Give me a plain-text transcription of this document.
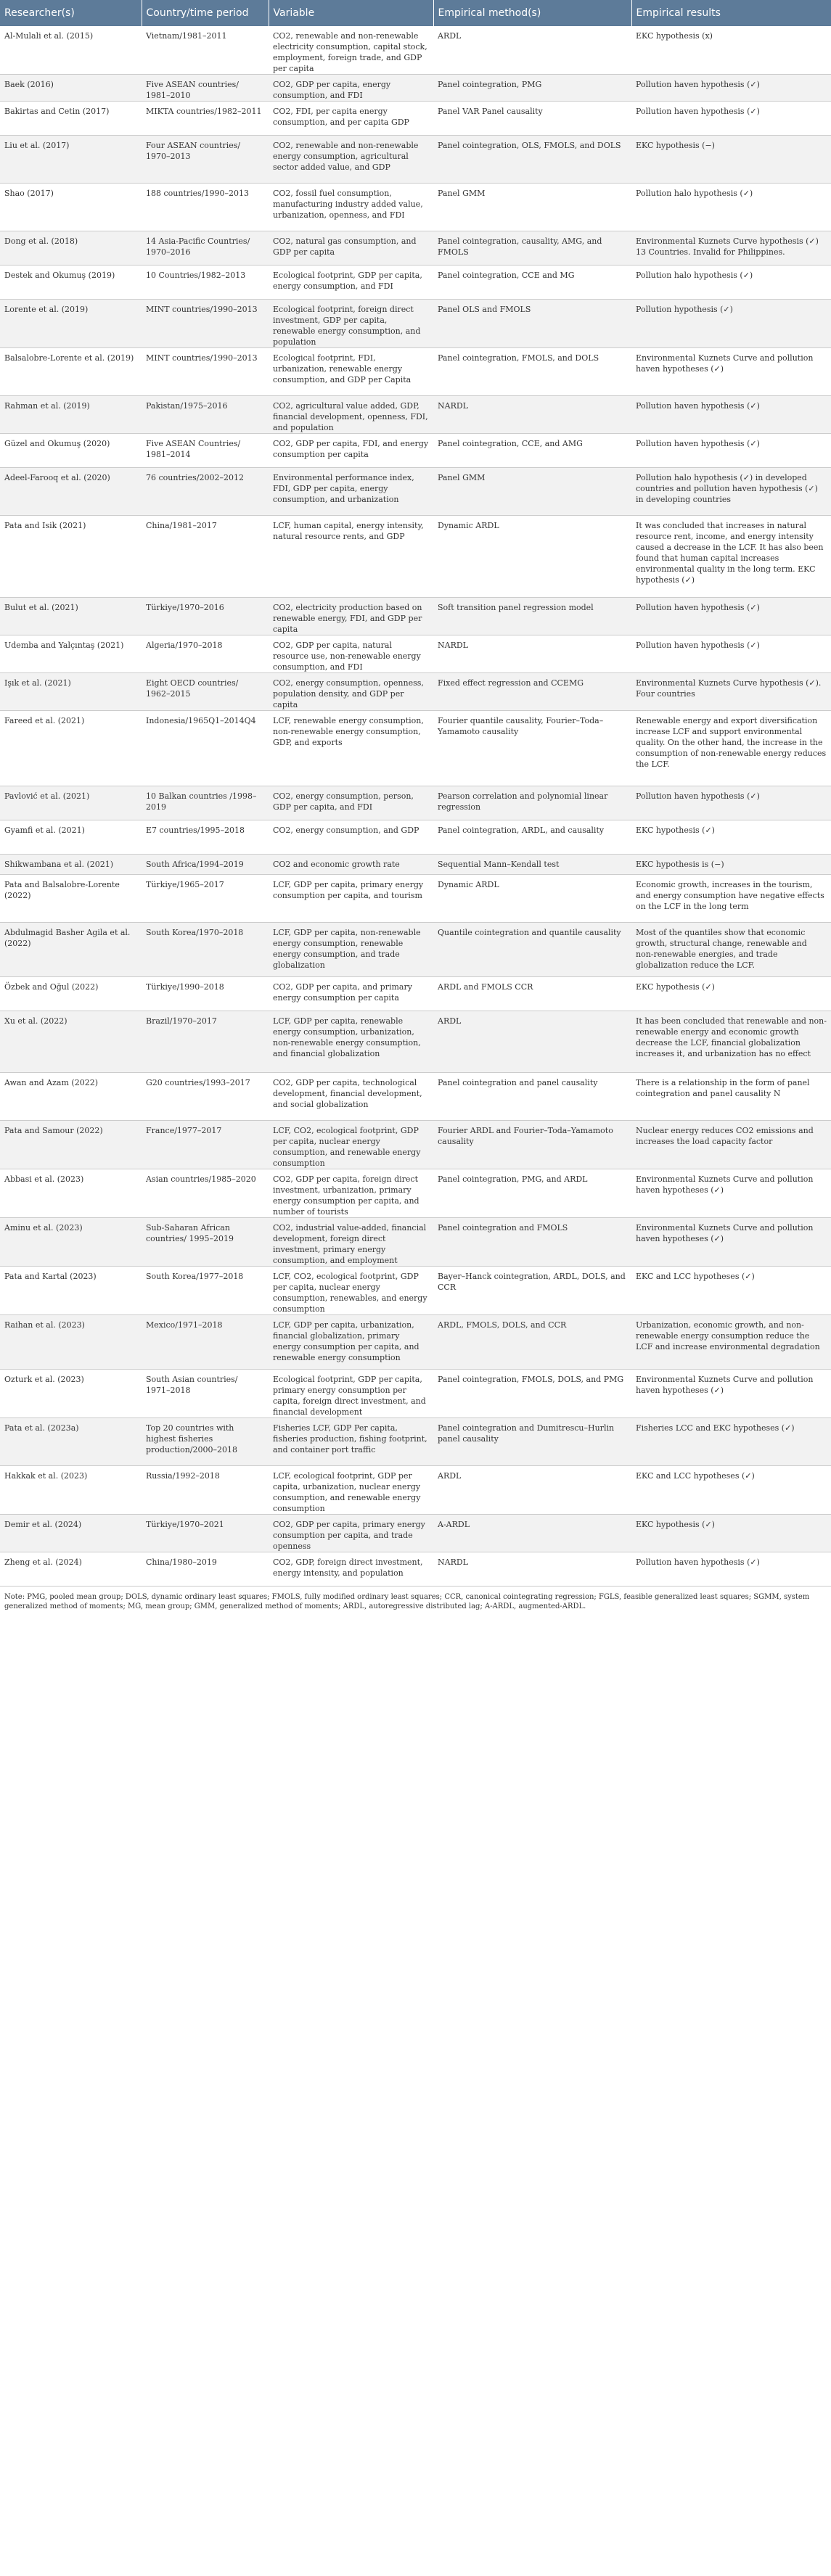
Researcher(s)	Country/time period	Variable	Empirical method(s)	Empirical results
Al-Mulali et al. (2015)	Vietnam/1981–2011	CO2, renewable and non-renewable electricity consumption, capital stock, employment, foreign trade, and GDP per capita	ARDL	EKC hypothesis (x)
Baek (2016)	Five ASEAN countries/ 1981–2010	CO2, GDP per capita, energy consumption, and FDI	Panel cointegration, PMG	Pollution haven hypothesis (✓)
Bakirtas and Cetin (2017)	MIKTA countries/1982–2011	CO2, FDI, per capita energy consumption, and per capita GDP	Panel VAR Panel causality	Pollution haven hypothesis (✓)
Liu et al. (2017)	Four ASEAN countries/ 1970–2013	CO2, renewable and non-renewable energy consumption, agricultural sector added value, and GDP	Panel cointegration, OLS, FMOLS, and DOLS	EKC hypothesis (−)
Shao (2017)	188 countries/1990–2013	CO2, fossil fuel consumption, manufacturing industry added value, urbanization, openness, and FDI	Panel GMM	Pollution halo hypothesis (✓)
Dong et al. (2018)	14 Asia-Pacific Countries/ 1970–2016	CO2, natural gas consumption, and GDP per capita	Panel cointegration, causality, AMG, and FMOLS	Environmental Kuznets Curve hypothesis (✓) 13 Countries. Invalid for Philippines.
Destek and Okumuş (2019)	10 Countries/1982–2013	Ecological footprint, GDP per capita, energy consumption, and FDI	Panel cointegration, CCE and MG	Pollution halo hypothesis (✓)
Lorente et al. (2019)	MINT countries/1990–2013	Ecological footprint, foreign direct investment, GDP per capita, renewable energy consumption, and population	Panel OLS and FMOLS	Pollution hypothesis (✓)
Balsalobre-Lorente et al. (2019)	MINT countries/1990–2013	Ecological footprint, FDI, urbanization, renewable energy consumption, and GDP per Capita	Panel cointegration, FMOLS, and DOLS	Environmental Kuznets Curve and pollution haven hypotheses (✓)
Rahman et al. (2019)	Pakistan/1975–2016	CO2, agricultural value added, GDP, financial development, openness, FDI, and population	NARDL	Pollution haven hypothesis (✓)
Güzel and Okumuş (2020)	Five ASEAN Countries/ 1981–2014	CO2, GDP per capita, FDI, and energy consumption per capita	Panel cointegration, CCE, and AMG	Pollution haven hypothesis (✓)
Adeel-Farooq et al. (2020)	76 countries/2002–2012	Environmental performance index, FDI, GDP per capita, energy consumption, and urbanization	Panel GMM	Pollution halo hypothesis (✓) in developed countries and pollution haven hypothesis (✓) in developing countries
Pata and Isik (2021)	China/1981–2017	LCF, human capital, energy intensity, natural resource rents, and GDP	Dynamic ARDL	It was concluded that increases in natural resource rent, income, and energy intensity caused a decrease in the LCF. It has also been found that human capital increases environmental quality in the long term. EKC hypothesis (✓)
Bulut et al. (2021)	Türkiye/1970–2016	CO2, electricity production based on renewable energy, FDI, and GDP per capita	Soft transition panel regression model	Pollution haven hypothesis (✓)
Udemba and Yalçıntaş (2021)	Algeria/1970–2018	CO2, GDP per capita, natural resource use, non-renewable energy consumption, and FDI	NARDL	Pollution haven hypothesis (✓)
Işık et al. (2021)	Eight OECD countries/ 1962–2015	CO2, energy consumption, openness, population density, and GDP per capita	Fixed effect regression and CCEMG	Environmental Kuznets Curve hypothesis (✓). Four countries
Fareed et al. (2021)	Indonesia/1965Q1–2014Q4	LCF, renewable energy consumption, non-renewable energy consumption, GDP, and exports	Fourier quantile causality, Fourier–Toda–Yamamoto causality	Renewable energy and export diversification increase LCF and support environmental quality. On the other hand, the increase in the consumption of non-renewable energy reduces the LCF.
Pavlović et al. (2021)	10 Balkan countries /1998–2019	CO2, energy consumption, person, GDP per capita, and FDI	Pearson correlation and polynomial linear regression	Pollution haven hypothesis (✓)
Gyamfi et al. (2021)	E7 countries/1995–2018	CO2, energy consumption, and GDP	Panel cointegration, ARDL, and causality	EKC hypothesis (✓)
Shikwambana et al. (2021)	South Africa/1994–2019	CO2 and economic growth rate	Sequential Mann–Kendall test	EKC hypothesis is (−)
Pata and Balsalobre-Lorente (2022)	Türkiye/1965–2017	LCF, GDP per capita, primary energy consumption per capita, and tourism	Dynamic ARDL	Economic growth, increases in the tourism, and energy consumption have negative effects on the LCF in the long term
Abdulmagid Basher Agila et al. (2022)	South Korea/1970–2018	LCF, GDP per capita, non-renewable energy consumption, renewable energy consumption, and trade globalization	Quantile cointegration and quantile causality	Most of the quantiles show that economic growth, structural change, renewable and non-renewable energies, and trade globalization reduce the LCF.
Özbek and Oğul (2022)	Türkiye/1990–2018	CO2, GDP per capita, and primary energy consumption per capita	ARDL and FMOLS CCR	EKC hypothesis (✓)
Xu et al. (2022)	Brazil/1970–2017	LCF, GDP per capita, renewable energy consumption, urbanization, non-renewable energy consumption, and financial globalization	ARDL	It has been concluded that renewable and non-renewable energy and economic growth decrease the LCF, financial globalization increases it, and urbanization has no effect
Awan and Azam (2022)	G20 countries/1993–2017	CO2, GDP per capita, technological development, financial development, and social globalization	Panel cointegration and panel causality	There is a relationship in the form of panel cointegration and panel causality N
Pata and Samour (2022)	France/1977–2017	LCF, CO2, ecological footprint, GDP per capita, nuclear energy consumption, and renewable energy consumption	Fourier ARDL and Fourier–Toda–Yamamoto causality	Nuclear energy reduces CO2 emissions and increases the load capacity factor
Abbasi et al. (2023)	Asian countries/1985–2020	CO2, GDP per capita, foreign direct investment, urbanization, primary energy consumption per capita, and number of tourists	Panel cointegration, PMG, and ARDL	Environmental Kuznets Curve and pollution haven hypotheses (✓)
Aminu et al. (2023)	Sub-Saharan African countries/ 1995–2019	CO2, industrial value-added, financial development, foreign direct investment, primary energy consumption, and employment	Panel cointegration and FMOLS	Environmental Kuznets Curve and pollution haven hypotheses (✓)
Pata and Kartal (2023)	South Korea/1977–2018	LCF, CO2, ecological footprint, GDP per capita, nuclear energy consumption, renewables, and energy consumption	Bayer–Hanck cointegration, ARDL, DOLS, and CCR	EKC and LCC hypotheses (✓)
Raihan et al. (2023)	Mexico/1971–2018	LCF, GDP per capita, urbanization, financial globalization, primary energy consumption per capita, and renewable energy consumption	ARDL, FMOLS, DOLS, and CCR	Urbanization, economic growth, and non-renewable energy consumption reduce the LCF and increase environmental degradation
Ozturk et al. (2023)	South Asian countries/ 1971–2018	Ecological footprint, GDP per capita, primary energy consumption per capita, foreign direct investment, and financial development	Panel cointegration, FMOLS, DOLS, and PMG	Environmental Kuznets Curve and pollution haven hypotheses (✓)
Pata et al. (2023a)	Top 20 countries with highest fisheries production/2000–2018	Fisheries LCF, GDP Per capita, fisheries production, fishing footprint, and container port traffic	Panel cointegration and Dumitrescu–Hurlin panel causality	Fisheries LCC and EKC hypotheses (✓)
Hakkak et al. (2023)	Russia/1992–2018	LCF, ecological footprint, GDP per capita, urbanization, nuclear energy consumption, and renewable energy consumption	ARDL	EKC and LCC hypotheses (✓)
Demir et al. (2024)	Türkiye/1970–2021	CO2, GDP per capita, primary energy consumption per capita, and trade openness	A-ARDL	EKC hypothesis (✓)
Zheng et al. (2024)	China/1980–2019	CO2, GDP, foreign direct investment, energy intensity, and population	NARDL	Pollution haven hypothesis (✓)
Note: PMG, pooled mean group; DOLS, dynamic ordinary least squares; FMOLS, fully modified ordinary least squares; CCR, canonical cointegrating regression; FGLS, feasible generalized least squares; SGMM, system generalized method of moments; MG, mean group; GMM, generalized method of moments; ARDL, autoregressive distributed lag; A-ARDL, augmented-ARDL.
